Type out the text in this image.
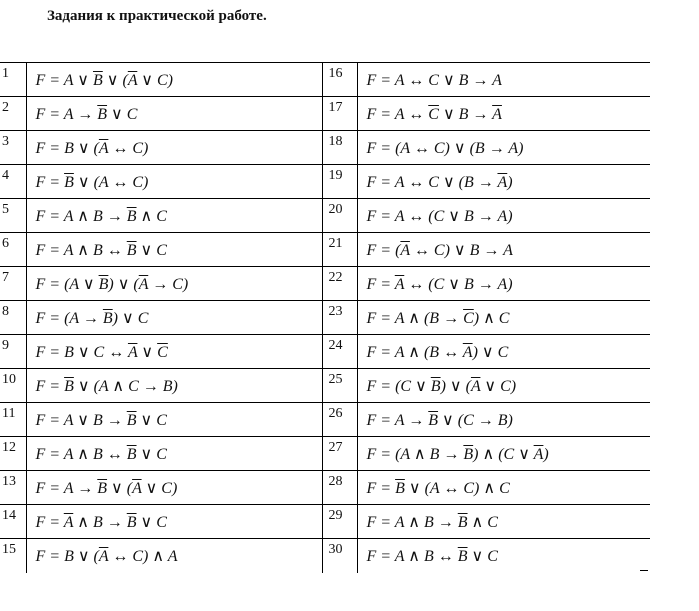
Задания к практической работе.
1	F = A ∨ $\overline{B}$ ∨ ($\overline{A}$ ∨ C)	16	F = A ↔ C ∨ B → A
2	$F = A \to \overline{B}$ ∨ C	17	F = A ↔ $\overline{C}$ ∨ $B \to \overline{A}$
3	F = B ∨ ($\overline{A}$ ↔ C)	18	F = (A ↔ C) ∨ (B → A)
4	$F = \overline{B}$ ∨ (A ↔ C)	19	F = A ↔ C ∨ $(B \to \overline{A})$
5	F = A ∧ $B \to \overline{B}$ ∧ C	20	F = A ↔ (C ∨ B → A)
6	F = A ∧ B ↔ $\overline{B}$ ∨ C	21	$F = (\overline{A}$ ↔ C) ∨ B → A
7	F = (A ∨ $\overline{B}$) ∨ $(\overline{A} \to C)$	22	$F = \overline{A}$ ↔ (C ∨ B → A)
8	$F = (A \to \overline{B})$ ∨ C	23	F = A ∧ $(B \to \overline{C})$ ∧ C
9	F = B ∨ C ↔ $\overline{A}$ ∨ $\overline{C}$	24	F = A ∧ (B ↔ $\overline{A}$) ∨ C
10	$F = \overline{B}$ ∨ (A ∧ C → B)	25	F = (C ∨ $\overline{B}$) ∨ ($\overline{A}$ ∨ C)
11	F = A ∨ $B \to \overline{B}$ ∨ C	26	$F = A \to \overline{B}$ ∨ (C → B)
12	F = A ∧ B ↔ $\overline{B}$ ∨ C	27	F = (A ∧ $B \to \overline{B}$) ∧ (C ∨ $\overline{A}$)
13	$F = A \to \overline{B}$ ∨ ($\overline{A}$ ∨ C)	28	$F = \overline{B}$ ∨ (A ↔ C) ∧ C
14	$F = \overline{A}$ ∧ $B \to \overline{B}$ ∨ C	29	F = A ∧ $B \to \overline{B}$ ∧ C
15	F = B ∨ ($\overline{A}$ ↔ C) ∧ A	30	F = A ∧ B ↔ $\overline{B}$ ∨ C
